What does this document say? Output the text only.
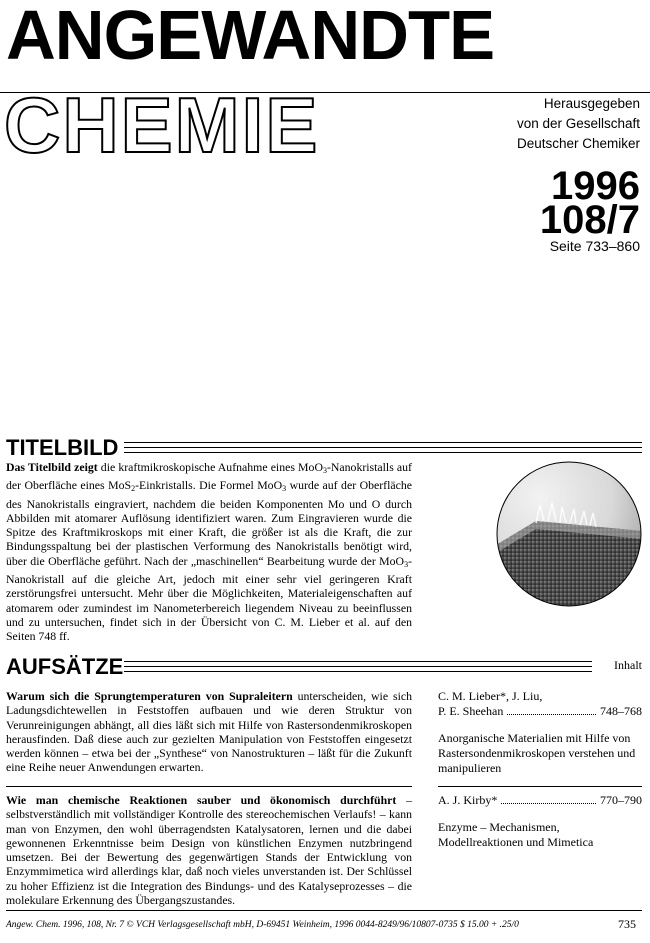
ANGEWANDTE
CHEMIE	Herausgegeben
von der Gesellschaft
Deutscher Chemiker
1996
108/7
Seite 733–860
TITELBILD
Das Titelbild zeigt die kraftmikroskopische Aufnahme eines MoO$_3$-Nanokristalls auf der Oberfläche eines MoS$_2$-Einkristalls. Die Formel MoO$_3$ wurde auf der Oberfläche des Nanokristalls eingraviert, nachdem die beiden Komponenten Mo und O durch Abbilden mit atomarer Auflösung identifiziert waren. Zum Eingravieren wurde die Spitze des Kraftmikroskops mit einer Kraft, die größer ist als die Kraft, die zur Bindungsspaltung bei der plastischen Verformung des Nanokristalls benötigt wird, über die Oberfläche geführt. Nach der „maschinellen“ Bearbeitung wurde der MoO$_3$-Nanokristall auf die gleiche Art, jedoch mit einer sehr viel geringeren Kraft zerstörungsfrei untersucht. Mehr über die Möglichkeiten, Materialeigenschaften auf atomarem oder zumindest im Nanometerbereich liegendem Niveau zu beeinflussen und zu untersuchen, findet sich in der Übersicht von C. M. Lieber et al. auf den Seiten 748 ff.
AUFSÄTZE	Inhalt
Warum sich die Sprungtemperaturen von Supraleitern unterscheiden, wie sich Ladungsdichtewellen in Feststoffen aufbauen und wie deren Struktur von Verunreinigungen abhängt, all dies läßt sich mit Hilfe von Rastersondenmikroskopen herausfinden. Daß diese auch zur gezielten Manipulation von Feststoffen eingesetzt werden können – etwa bei der „Synthese“ von Nanostrukturen – läßt für die Zukunft eine Reihe neuer Anwendungen erwarten.
C. M. Lieber*, J. Liu,
P. E. Sheehan	748–768
Anorganische Materialien mit Hilfe von Rastersondenmikroskopen verstehen und manipulieren
Wie man chemische Reaktionen sauber und ökonomisch durchführt – selbstverständlich mit vollständiger Kontrolle des stereochemischen Verlaufs! – kann man von Enzymen, den wohl überragendsten Katalysatoren, lernen und die dabei gewonnenen Erkenntnisse beim Design von künstlichen Enzymen nutzbringend umsetzen. Bei der Bewertung des gegenwärtigen Stands der Entwicklung von Enzymmimetica wird allerdings klar, daß noch vieles unverstanden ist. Der Schlüssel zu hoher Effizienz ist die Integration des Bindungs- und des Katalyseprozesses – die molekulare Erkennung des Übergangszustandes.
A. J. Kirby*	770–790
Enzyme – Mechanismen, Modellreaktionen und Mimetica
Angew. Chem. 1996, 108, Nr. 7 © VCH Verlagsgesellschaft mbH, D-69451 Weinheim, 1996 0044-8249/96/10807-0735 $ 15.00 + .25/0	735
